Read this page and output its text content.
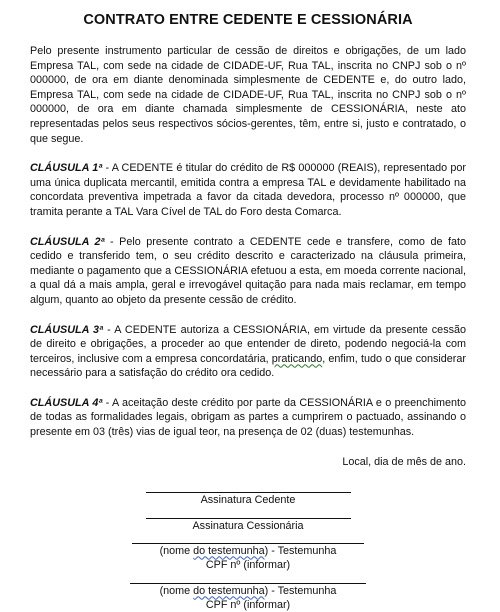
CONTRATO ENTRE CEDENTE E CESSIONÁRIA

Pelo presente instrumento particular de cessão de direitos e obrigações, de um lado Empresa TAL, com sede na cidade de CIDADE-UF, Rua TAL, inscrita no CNPJ sob o nº 000000, de ora em diante denominada simplesmente de CEDENTE e, do outro lado, Empresa TAL, com sede na cidade de CIDADE-UF, Rua TAL, inscrita no CNPJ sob o nº 000000, de ora em diante chamada simplesmente de CESSIONÁRIA, neste ato representadas pelos seus respectivos sócios-gerentes, têm, entre si, justo e contratado, o que segue.

CLÁUSULA 1ª - A CEDENTE é titular do crédito de R$ 000000 (REAIS), representado por uma única duplicata mercantil, emitida contra a empresa TAL e devidamente habilitado na concordata preventiva impetrada a favor da citada devedora, processo nº 000000, que tramita perante a TAL Vara Cível de TAL do Foro desta Comarca.

CLÁUSULA 2ª - Pelo presente contrato a CEDENTE cede e transfere, como de fato cedido e transferido tem, o seu crédito descrito e caracterizado na cláusula primeira, mediante o pagamento que a CESSIONÁRIA efetuou a esta, em moeda corrente nacional, a qual dá a mais ampla, geral e irrevogável quitação para nada mais reclamar, em tempo algum, quanto ao objeto da presente cessão de crédito.

CLÁUSULA 3ª - A CEDENTE autoriza a CESSIONÁRIA, em virtude da presente cessão de direito e obrigações, a proceder ao que entender de direto, podendo negociá-la com terceiros, inclusive com a empresa concordatária, praticando, enfim, tudo o que considerar necessário para a satisfação do crédito ora cedido.

CLÁUSULA 4ª - A aceitação deste crédito por parte da CESSIONÁRIA e o preenchimento de todas as formalidades legais, obrigam as partes a cumprirem o pactuado, assinando o presente em 03 (três) vias de igual teor, na presença de 02 (duas) testemunhas.

Local, dia de mês de ano.
Assinatura Cedente
Assinatura Cessionária
(nome do testemunha) - Testemunha
CPF nº (informar)
(nome do testemunha) - Testemunha
CPF nº (informar)
